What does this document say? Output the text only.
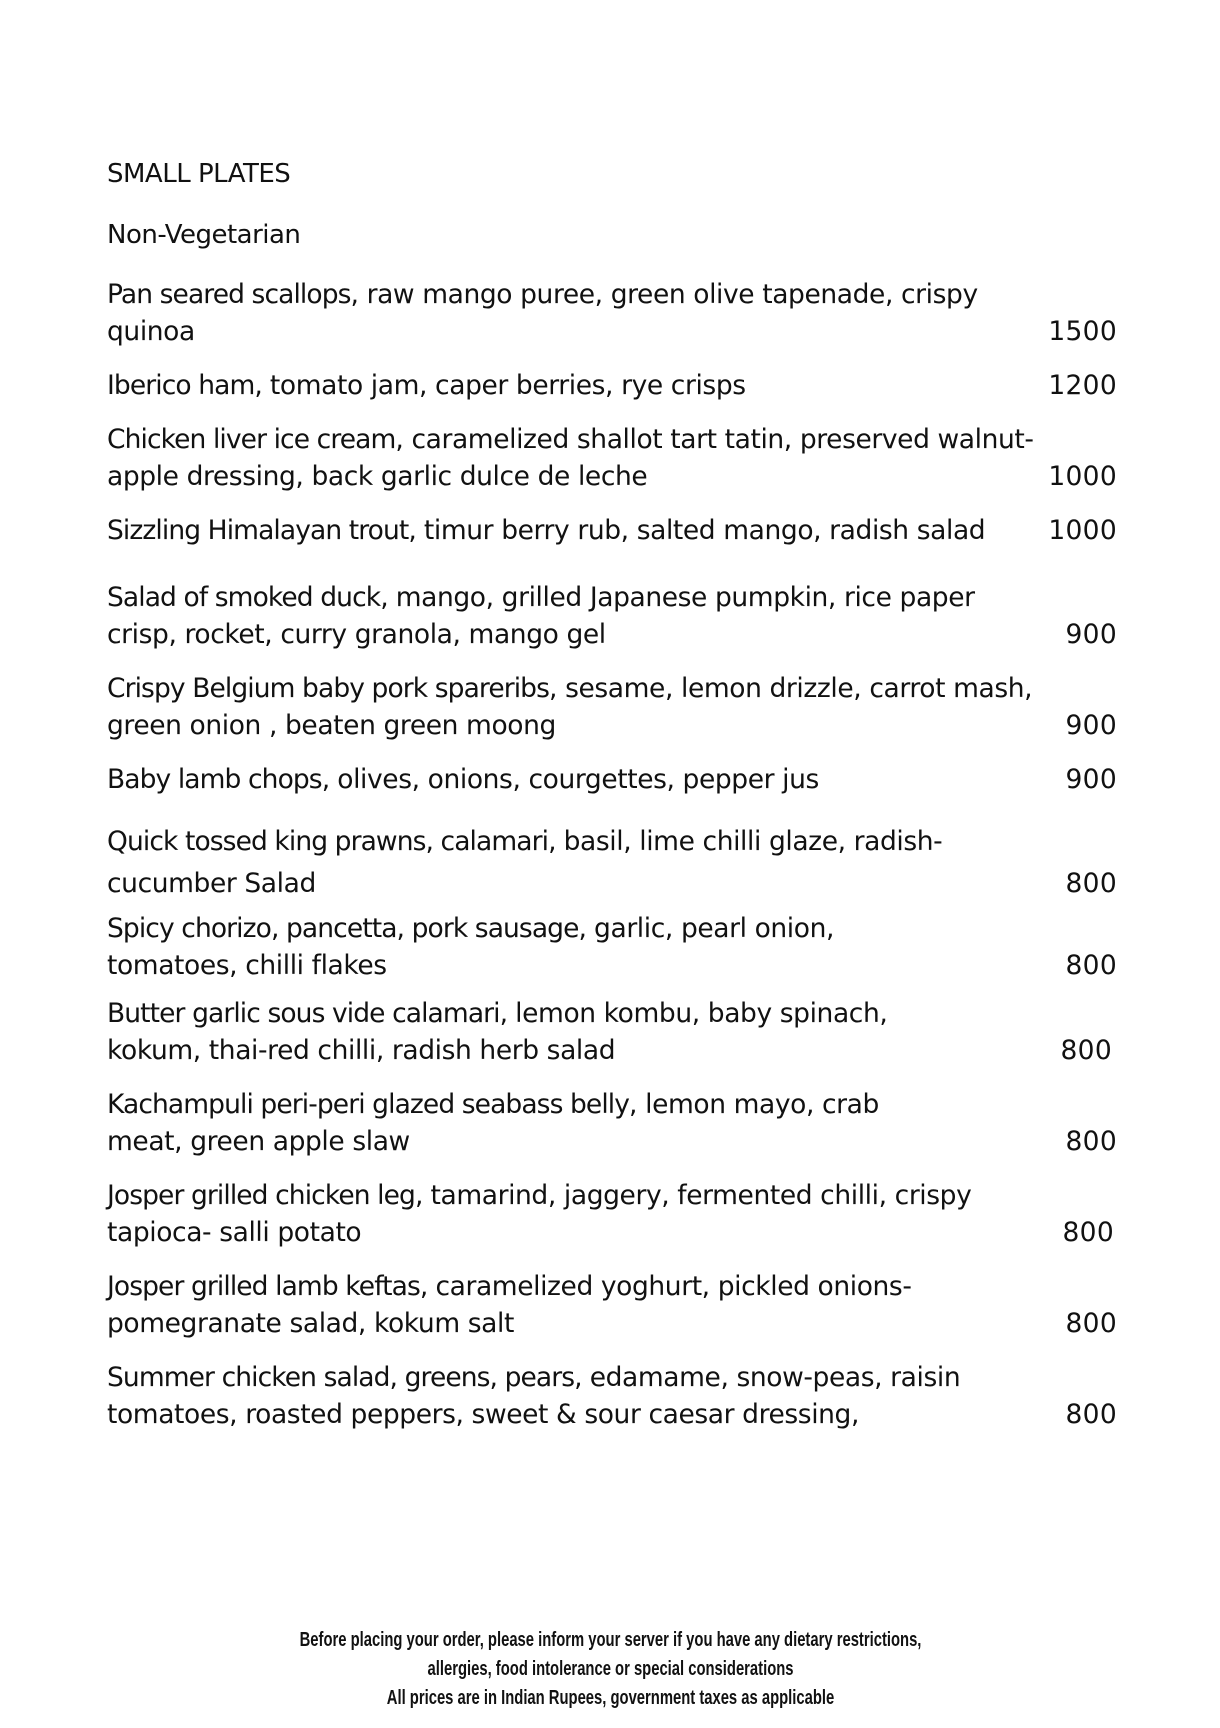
SMALL PLATES
Non-Vegetarian
Pan seared scallops, raw mango puree, green olive tapenade, crispy quinoa	1500
Iberico ham, tomato jam, caper berries, rye crisps	1200
Chicken liver ice cream, caramelized shallot tart tatin, preserved walnut-apple dressing, back garlic dulce de leche	1000
Sizzling Himalayan trout, timur berry rub, salted mango, radish salad	1000
Salad of smoked duck, mango, grilled Japanese pumpkin, rice paper crisp, rocket, curry granola, mango gel	900
Crispy Belgium baby pork spareribs, sesame, lemon drizzle, carrot mash, green onion , beaten green moong	900
Baby lamb chops, olives, onions, courgettes, pepper jus	900
Quick tossed king prawns, calamari, basil, lime chilli glaze, radish- cucumber Salad	800
Spicy chorizo, pancetta, pork sausage, garlic, pearl onion, tomatoes, chilli flakes	800
Butter garlic sous vide calamari, lemon kombu, baby spinach, kokum, thai-red chilli, radish herb salad	800
Kachampuli peri-peri glazed seabass belly, lemon mayo, crab meat, green apple slaw	800
Josper grilled chicken leg, tamarind, jaggery, fermented chilli, crispy tapioca- salli potato	800
Josper grilled lamb keftas, caramelized yoghurt, pickled onions- pomegranate salad, kokum salt	800
Summer chicken salad, greens, pears, edamame, snow-peas, raisin tomatoes, roasted peppers, sweet & sour caesar dressing,	800
Before placing your order, please inform your server if you have any dietary restrictions,
allergies, food intolerance or special considerations
All prices are in Indian Rupees, government taxes as applicable
